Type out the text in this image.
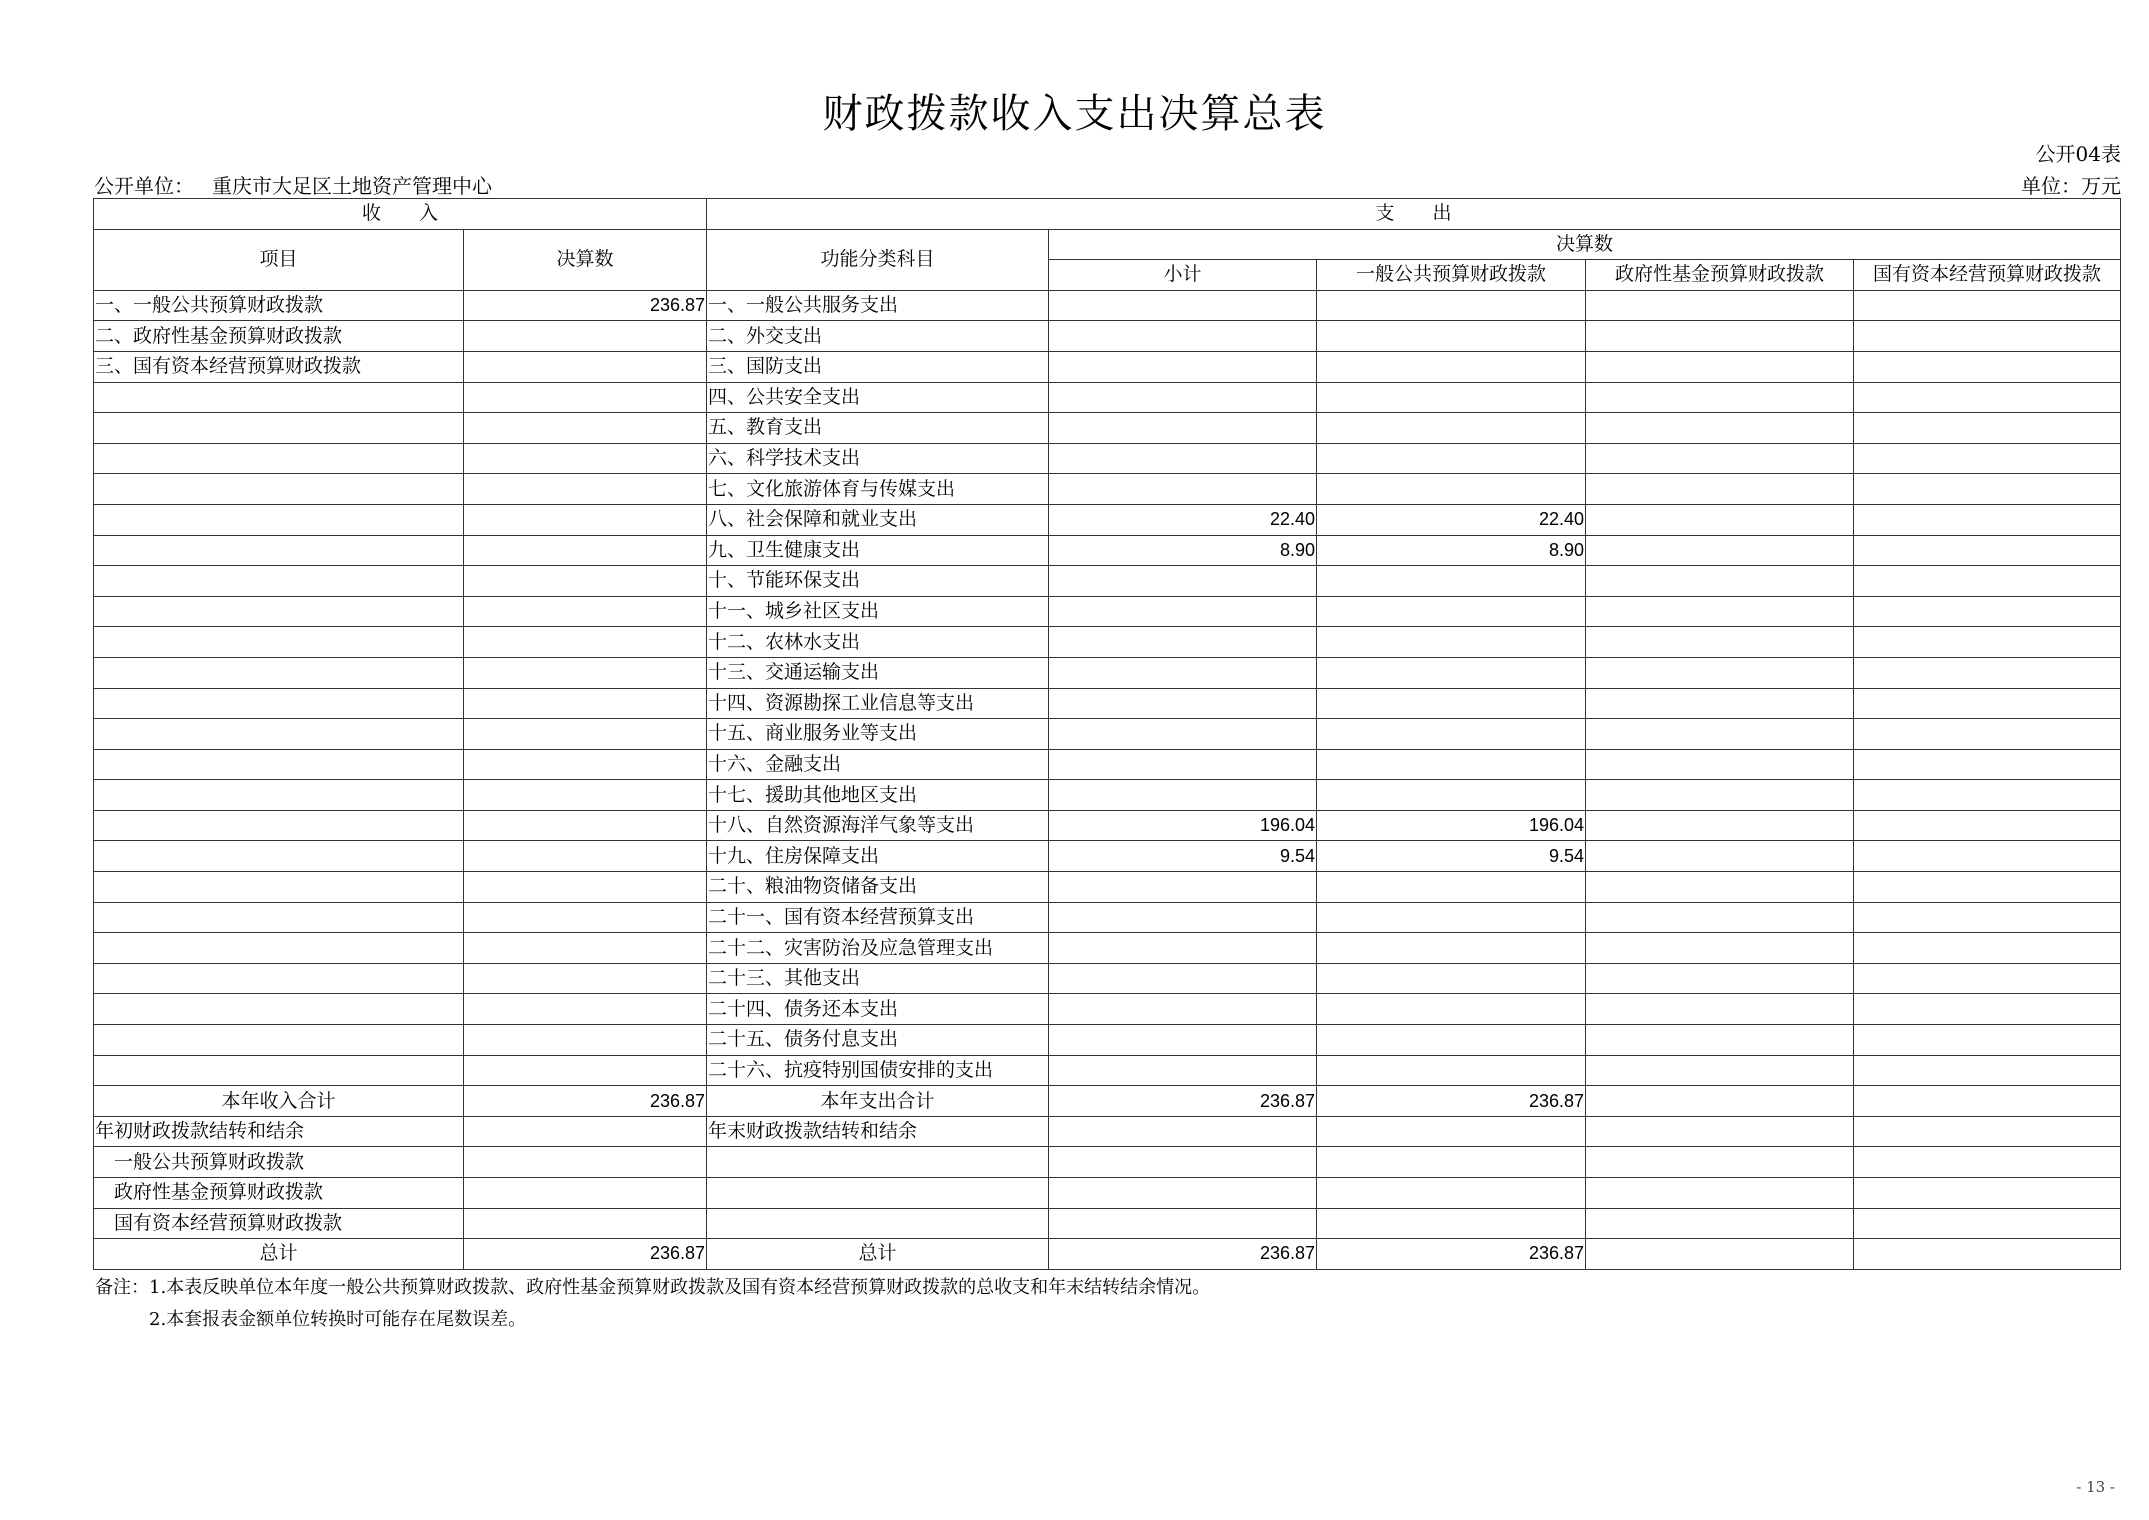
财政拨款收入支出决算总表
公开04表
公开单位： 重庆市大足区土地资产管理中心	单位：万元
收　　入		支　　出				
项目	决算数	功能分类科目	决算数			
			小计	一般公共预算财政拨款	政府性基金预算财政拨款	国有资本经营预算财政拨款
一、一般公共预算财政拨款	236.87	一、一般公共服务支出				
二、政府性基金预算财政拨款		二、外交支出				
三、国有资本经营预算财政拨款		三、国防支出				
		四、公共安全支出				
		五、教育支出				
		六、科学技术支出				
		七、文化旅游体育与传媒支出				
		八、社会保障和就业支出	22.40	22.40		
		九、卫生健康支出	8.90	8.90		
		十、节能环保支出				
		十一、城乡社区支出				
		十二、农林水支出				
		十三、交通运输支出				
		十四、资源勘探工业信息等支出				
		十五、商业服务业等支出				
		十六、金融支出				
		十七、援助其他地区支出				
		十八、自然资源海洋气象等支出	196.04	196.04		
		十九、住房保障支出	9.54	9.54		
		二十、粮油物资储备支出				
		二十一、国有资本经营预算支出				
		二十二、灾害防治及应急管理支出				
		二十三、其他支出				
		二十四、债务还本支出				
		二十五、债务付息支出				
		二十六、抗疫特别国债安排的支出				
本年收入合计	236.87	本年支出合计	236.87	236.87		
年初财政拨款结转和结余		年末财政拨款结转和结余				
一般公共预算财政拨款						
政府性基金预算财政拨款						
国有资本经营预算财政拨款						
总计	236.87	总计	236.87	236.87		
备注：1.本表反映单位本年度一般公共预算财政拨款、政府性基金预算财政拨款及国有资本经营预算财政拨款的总收支和年末结转结余情况。
2.本套报表金额单位转换时可能存在尾数误差。
- 13 -
